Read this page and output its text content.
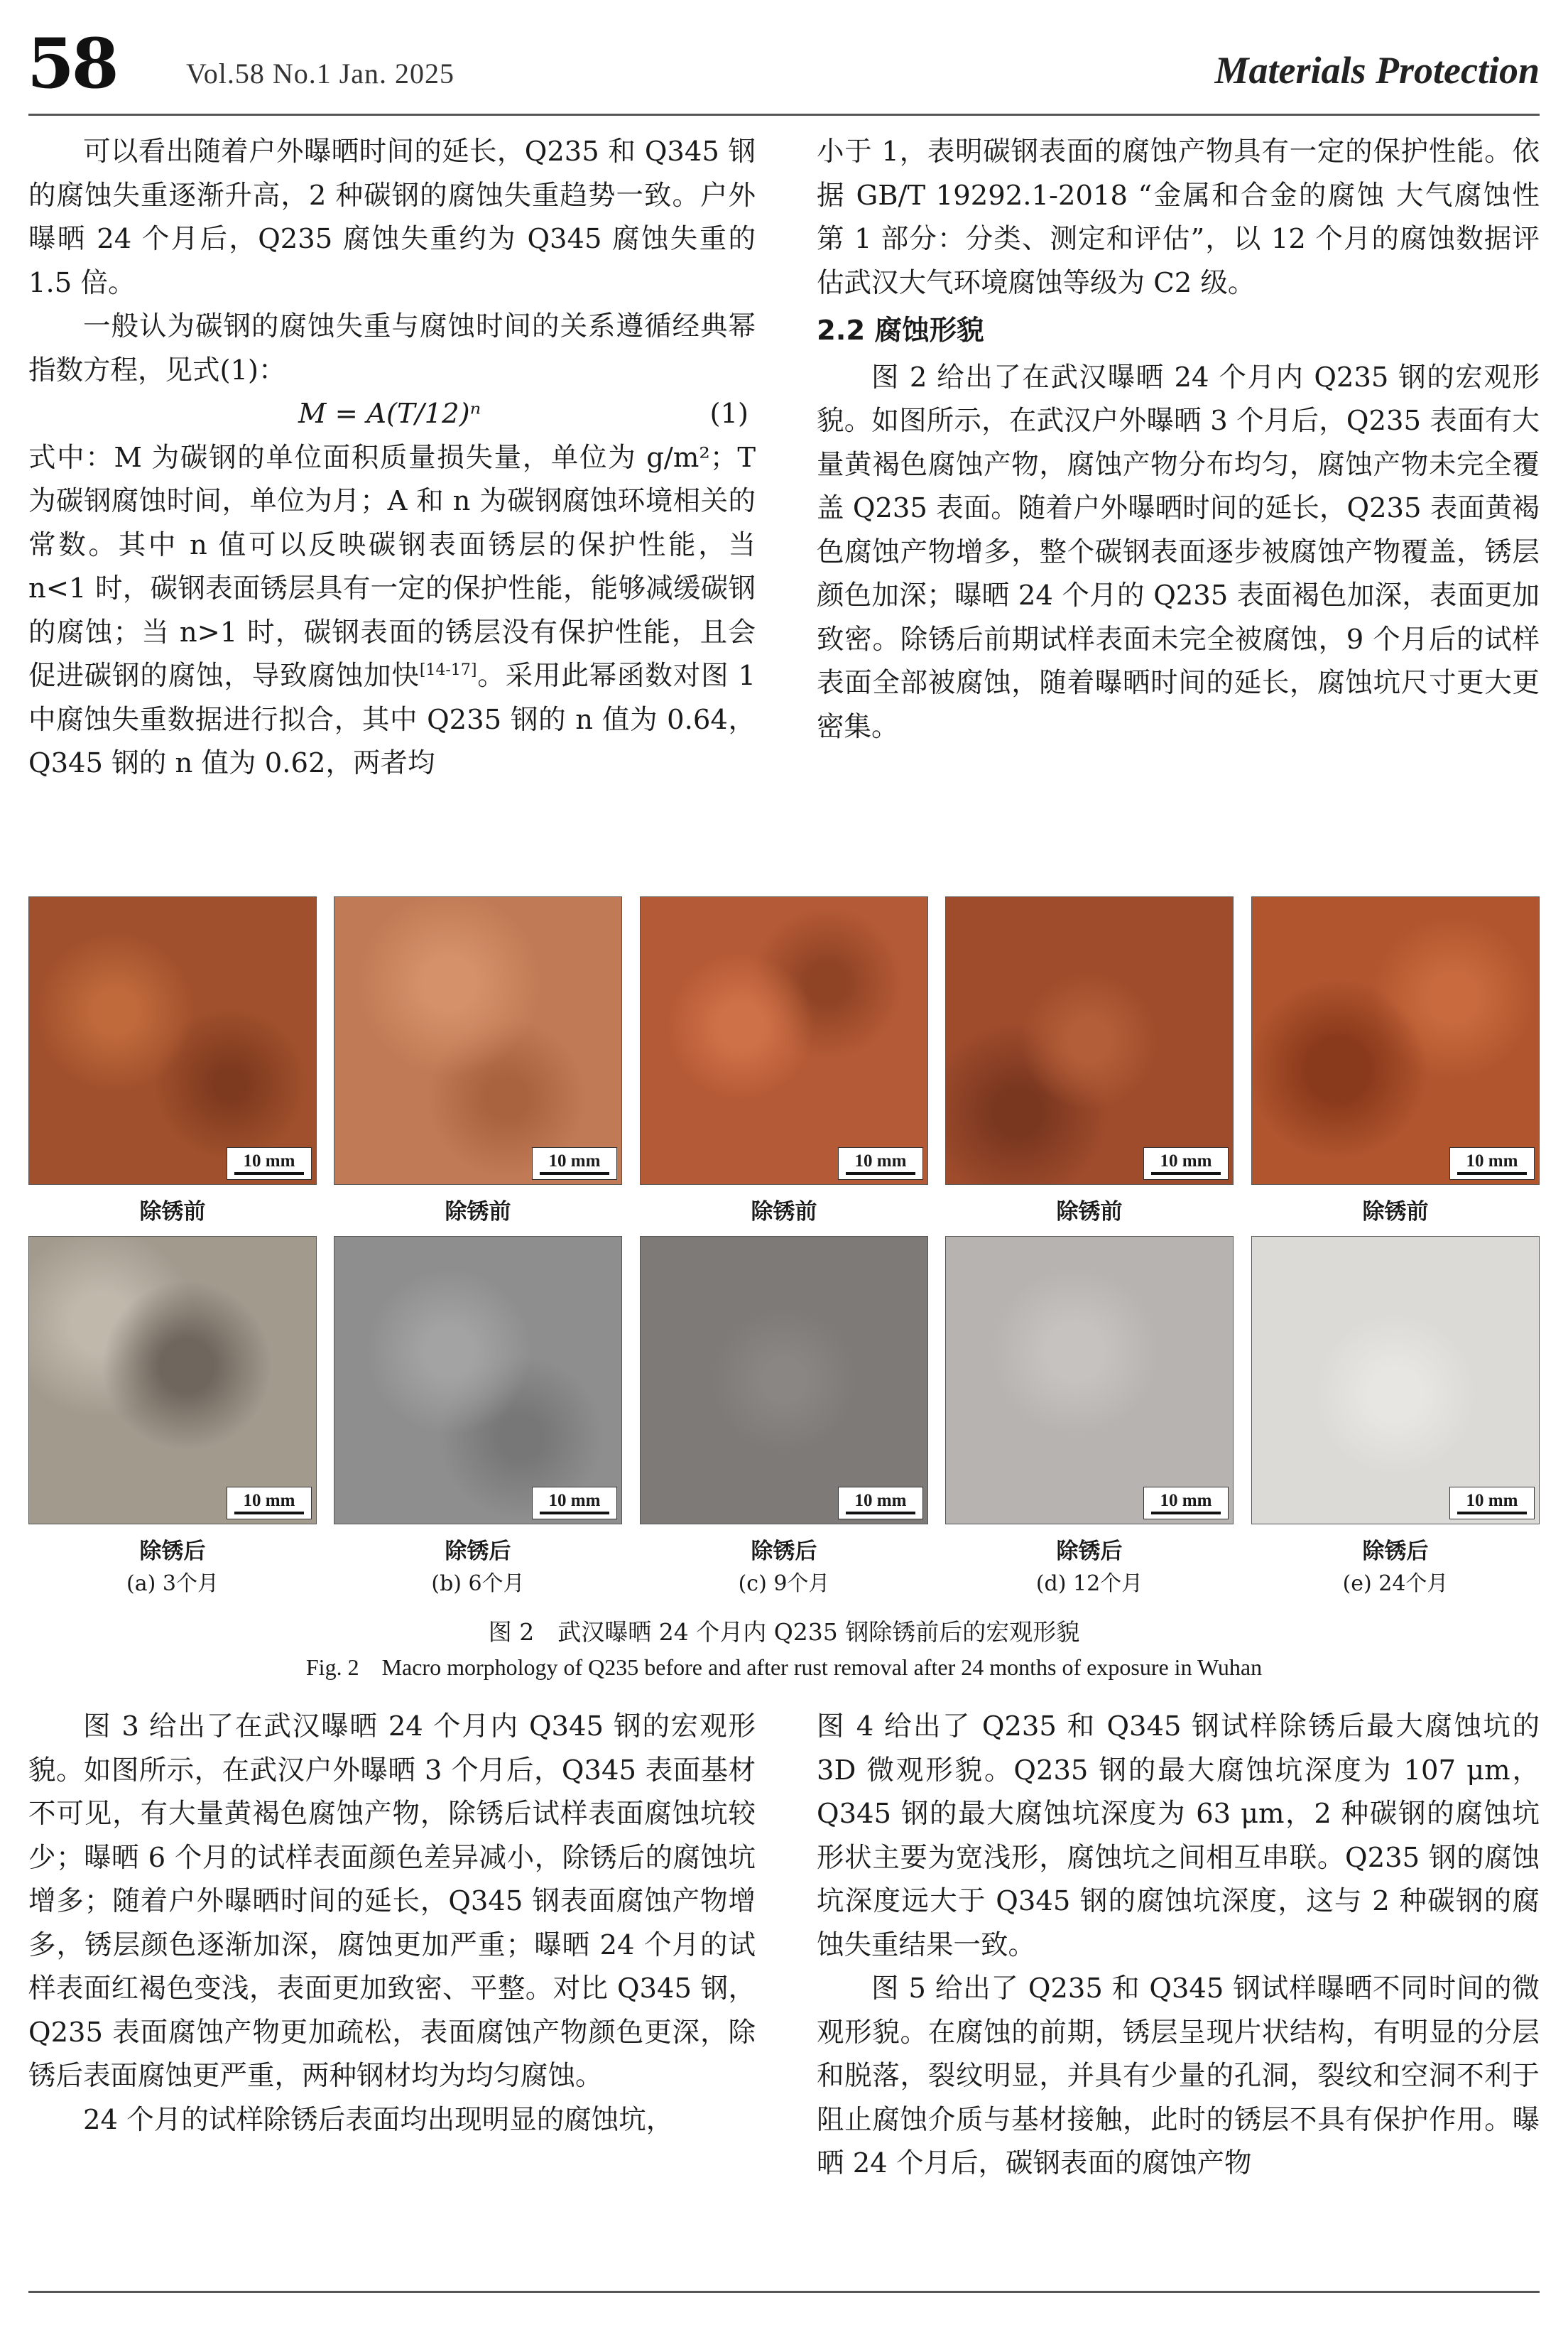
58 Vol.58 No.1 Jan. 2025	Materials Protection

可以看出随着户外曝晒时间的延长，Q235 和 Q345 钢的腐蚀失重逐渐升高，2 种碳钢的腐蚀失重趋势一致。户外曝晒 24 个月后，Q235 腐蚀失重约为 Q345 腐蚀失重的 1.5 倍。

一般认为碳钢的腐蚀失重与腐蚀时间的关系遵循经典幂指数方程，见式(1)：

M = A(T/12)ⁿ	(1)

式中：M 为碳钢的单位面积质量损失量，单位为 g/m²；T 为碳钢腐蚀时间，单位为月；A 和 n 为碳钢腐蚀环境相关的常数。其中 n 值可以反映碳钢表面锈层的保护性能，当 n<1 时，碳钢表面锈层具有一定的保护性能，能够减缓碳钢的腐蚀；当 n>1 时，碳钢表面的锈层没有保护性能，且会促进碳钢的腐蚀，导致腐蚀加快[14-17]。采用此幂函数对图 1 中腐蚀失重数据进行拟合，其中 Q235 钢的 n 值为 0.64，Q345 钢的 n 值为 0.62，两者均

小于 1，表明碳钢表面的腐蚀产物具有一定的保护性能。依据 GB/T 19292.1-2018 “金属和合金的腐蚀 大气腐蚀性 第 1 部分：分类、测定和评估”，以 12 个月的腐蚀数据评估武汉大气环境腐蚀等级为 C2 级。

2.2 腐蚀形貌

图 2 给出了在武汉曝晒 24 个月内 Q235 钢的宏观形貌。如图所示，在武汉户外曝晒 3 个月后，Q235 表面有大量黄褐色腐蚀产物，腐蚀产物分布均匀，腐蚀产物未完全覆盖 Q235 表面。随着户外曝晒时间的延长，Q235 表面黄褐色腐蚀产物增多，整个碳钢表面逐步被腐蚀产物覆盖，锈层颜色加深；曝晒 24 个月的 Q235 表面褐色加深，表面更加致密。除锈后前期试样表面未完全被腐蚀，9 个月后的试样表面全部被腐蚀，随着曝晒时间的延长，腐蚀坑尺寸更大更密集。

10 mm	10 mm	10 mm	10 mm	10 mm
除锈前	除锈前	除锈前	除锈前	除锈前
10 mm	10 mm	10 mm	10 mm	10 mm
除锈后	除锈后	除锈后	除锈后	除锈后
(a) 3个月	(b) 6个月	(c) 9个月	(d) 12个月	(e) 24个月
图 2　武汉曝晒 24 个月内 Q235 钢除锈前后的宏观形貌
Fig. 2　Macro morphology of Q235 before and after rust removal after 24 months of exposure in Wuhan

图 3 给出了在武汉曝晒 24 个月内 Q345 钢的宏观形貌。如图所示，在武汉户外曝晒 3 个月后，Q345 表面基材不可见，有大量黄褐色腐蚀产物，除锈后试样表面腐蚀坑较少；曝晒 6 个月的试样表面颜色差异减小，除锈后的腐蚀坑增多；随着户外曝晒时间的延长，Q345 钢表面腐蚀产物增多，锈层颜色逐渐加深，腐蚀更加严重；曝晒 24 个月的试样表面红褐色变浅，表面更加致密、平整。对比 Q345 钢，Q235 表面腐蚀产物更加疏松，表面腐蚀产物颜色更深，除锈后表面腐蚀更严重，两种钢材均为均匀腐蚀。

24 个月的试样除锈后表面均出现明显的腐蚀坑，

图 4 给出了 Q235 和 Q345 钢试样除锈后最大腐蚀坑的 3D 微观形貌。Q235 钢的最大腐蚀坑深度为 107 μm，Q345 钢的最大腐蚀坑深度为 63 μm，2 种碳钢的腐蚀坑形状主要为宽浅形，腐蚀坑之间相互串联。Q235 钢的腐蚀坑深度远大于 Q345 钢的腐蚀坑深度，这与 2 种碳钢的腐蚀失重结果一致。

图 5 给出了 Q235 和 Q345 钢试样曝晒不同时间的微观形貌。在腐蚀的前期，锈层呈现片状结构，有明显的分层和脱落，裂纹明显，并具有少量的孔洞，裂纹和空洞不利于阻止腐蚀介质与基材接触，此时的锈层不具有保护作用。曝晒 24 个月后，碳钢表面的腐蚀产物
